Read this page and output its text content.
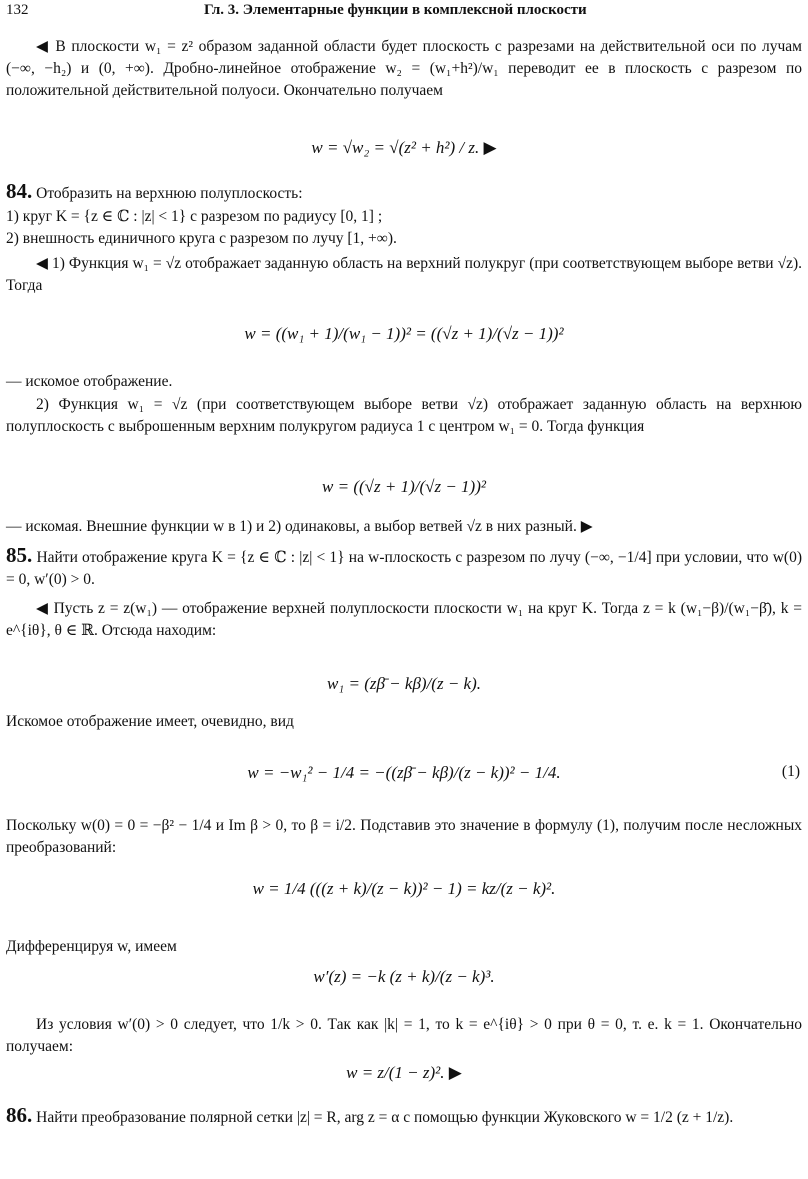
132	Гл. 3. Элементарные функции в комплексной плоскости
◀ В плоскости w₁ = z² образом заданной области будет плоскость с разрезами на действительной оси по лучам (−∞, −h₂) и (0, +∞). Дробно-линейное отображение w₂ = (w₁+h²)/w₁ переводит ее в плоскость с разрезом по положительной действительной полуоси. Окончательно получаем
w = √w₂ = √(z² + h²) / z. ▶
84. Отобразить на верхнюю полуплоскость:
1) круг K = {z ∈ ℂ : |z| < 1} с разрезом по радиусу [0, 1] ;
2) внешность единичного круга с разрезом по лучу [1, +∞).
◀ 1) Функция w₁ = √z отображает заданную область на верхний полукруг (при соответствующем выборе ветви √z). Тогда
w = ((w₁ + 1)/(w₁ − 1))² = ((√z + 1)/(√z − 1))²
— искомое отображение.
2) Функция w₁ = √z (при соответствующем выборе ветви √z) отображает заданную область на верхнюю полуплоскость с выброшенным верхним полукругом радиуса 1 с центром w₁ = 0. Тогда функция
w = ((√z + 1)/(√z − 1))²
— искомая. Внешние функции w в 1) и 2) одинаковы, а выбор ветвей √z в них разный. ▶
85. Найти отображение круга K = {z ∈ ℂ : |z| < 1} на w-плоскость с разрезом по лучу (−∞, −1/4] при условии, что w(0) = 0, w′(0) > 0.
◀ Пусть z = z(w₁) — отображение верхней полуплоскости плоскости w₁ на круг K. Тогда z = k (w₁−β)/(w₁−β̄), k = e^{iθ}, θ ∈ ℝ. Отсюда находим:
w₁ = (zβ̄ − kβ)/(z − k).
Искомое отображение имеет, очевидно, вид
w = −w₁² − 1/4 = −((zβ̄ − kβ)/(z − k))² − 1/4.	(1)
Поскольку w(0) = 0 = −β² − 1/4 и Im β > 0, то β = i/2. Подставив это значение в формулу (1), получим после несложных преобразований:
w = 1/4 (((z + k)/(z − k))² − 1) = kz/(z − k)².
Дифференцируя w, имеем
w′(z) = −k (z + k)/(z − k)³.
Из условия w′(0) > 0 следует, что 1/k > 0. Так как |k| = 1, то k = e^{iθ} > 0 при θ = 0, т. е. k = 1. Окончательно получаем:
w = z/(1 − z)². ▶
86. Найти преобразование полярной сетки |z| = R, arg z = α с помощью функции Жуковского w = 1/2 (z + 1/z).
